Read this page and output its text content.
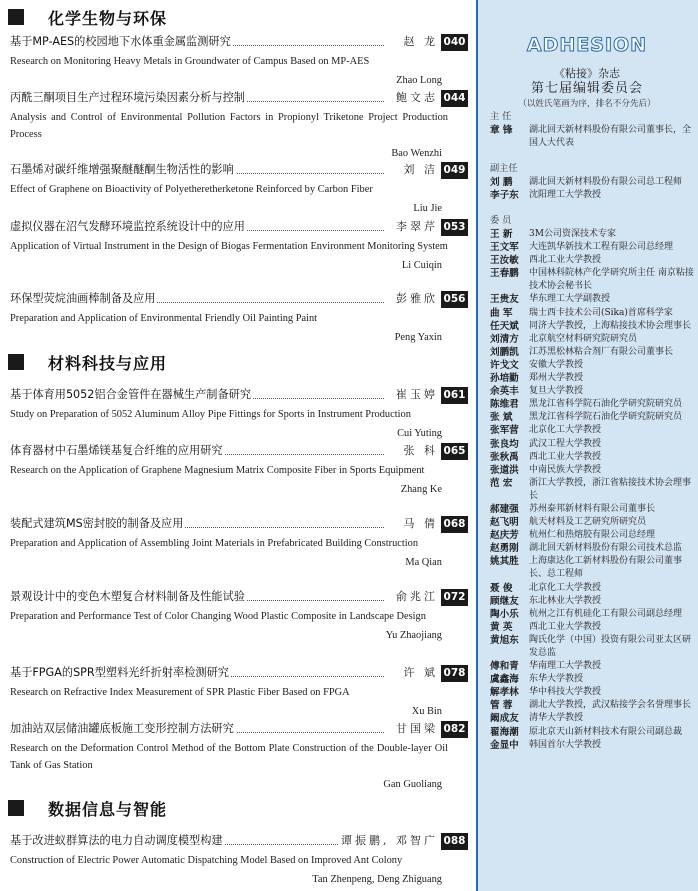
化学生物与环保
基于MP-AES的校园地下水体重金属监测研究	赵 龙 040
Research on Monitoring Heavy Metals in Groundwater of Campus Based on MP-AES
Zhao Long
丙酰三酮项目生产过程环境污染因素分析与控制	鲍文志 044
Analysis and Control of Environmental Pollution Factors in Propionyl Triketone Project Production Process
Bao Wenzhi
石墨烯对碳纤维增强聚醚醚酮生物活性的影响	刘 洁 049
Effect of Graphene on Bioactivity of Polyetheretherketone Reinforced by Carbon Fiber
Liu Jie
虚拟仪器在沼气发酵环境监控系统设计中的应用	李翠芹 053
Application of Virtual Instrument in the Design of Biogas Fermentation Environment Monitoring System
Li Cuiqin
环保型荧烷油画棒制备及应用	彭雅欣 056
Preparation and Application of Environmental Friendly Oil Painting Paint
Peng Yaxin
材料科技与应用
基于体育用5052铝合金管件在器械生产制备研究	崔玉婷 061
Study on Preparation of 5052 Aluminum Alloy Pipe Fittings for Sports in Instrument Production
Cui Yuting
体育器材中石墨烯镁基复合纤维的应用研究	张 科 065
Research on the Application of Graphene Magnesium Matrix Composite Fiber in Sports Equipment
Zhang Ke
装配式建筑MS密封胶的制备及应用	马 倩 068
Preparation and Application of Assembling Joint Materials in Prefabricated Building Construction
Ma Qian
景观设计中的变色木塑复合材料制备及性能试验	俞兆江 072
Preparation and Performance Test of Color Changing Wood Plastic Composite in Landscape Design
Yu Zhaojiang
基于FPGA的SPR型塑料光纤折射率检测研究	许 斌 078
Research on Refractive Index Measurement of SPR Plastic Fiber Based on FPGA
Xu Bin
加油站双层储油罐底板施工变形控制方法研究	甘国梁 082
Research on the Deformation Control Method of the Bottom Plate Construction of the Double-layer Oil Tank of Gas Station
Gan Guoliang
数据信息与智能
基于改进蚁群算法的电力自动调度模型构建	谭振鹏, 邓智广 088
Construction of Electric Power Automatic Dispatching Model Based on Improved Ant Colony
Tan Zhenpeng, Deng Zhiguang
ADHESION
《粘接》杂志
第七届编辑委员会
（以姓氏笔画为序，排名不分先后）
主 任
章 锋	湖北回天新材料股份有限公司董事长，全国人大代表
副主任
刘 鹏	湖北回天新材料股份有限公司总工程师
李子东	沈阳理工大学教授
委 员
王 新	3M公司资深技术专家
王文军	大连凯华新技术工程有限公司总经理
王汝敏	西北工业大学教授
王春鹏	中国林科院林产化学研究所主任 南京粘接技术协会秘书长
王贵友	华东理工大学副教授
曲 军	瑞士西卡技术公司(Sika)首席科学家
任天斌	同济大学教授，上海粘接技术协会理事长
刘清方	北京航空材料研究院研究员
刘鹏凯	江苏黑松林粘合剂厂有限公司董事长
许戈文	安徽大学教授
孙培勤	郑州大学教授
余英丰	复旦大学教授
陈维君	黑龙江省科学院石油化学研究院研究员
张 斌	黑龙江省科学院石油化学研究院研究员
张军营	北京化工大学教授
张良均	武汉工程大学教授
张秋禹	西北工业大学教授
张道洪	中南民族大学教授
范 宏	浙江大学教授，浙江省粘接技术协会理事长
郝建强	苏州泰邦新材料有限公司董事长
赵飞明	航天材料及工艺研究所研究员
赵庆芳	杭州仁和热熔胶有限公司总经理
赵勇刚	湖北回天新材料股份有限公司技术总监
姚其胜	上海康达化工新材料股份有限公司董事长、总工程师
聂 俊	北京化工大学教授
顾继友	东北林业大学教授
陶小乐	杭州之江有机硅化工有限公司副总经理
黄 英	西北工业大学教授
黄旭东	陶氏化学（中国）投资有限公司亚太区研发总监
傅和青	华南理工大学教授
虞鑫海	东华大学教授
解孝林	华中科技大学教授
管 蓉	湖北大学教授，武汉粘接学会名誉理事长
阚成友	清华大学教授
翟海潮	原北京天山新材料技术有限公司副总裁
金显中	韩国首尔大学教授
